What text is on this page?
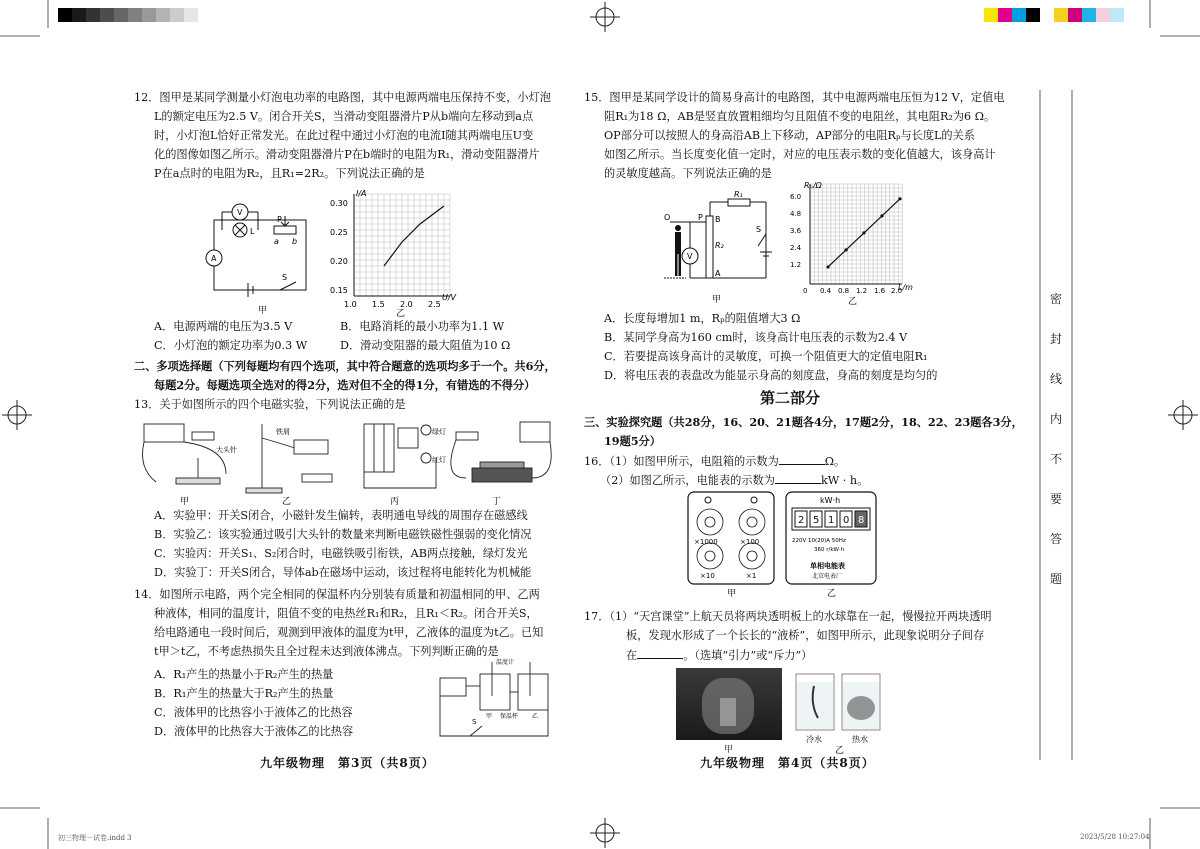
12．图甲是某同学测量小灯泡电功率的电路图，其中电源两端电压保持不变，小灯泡
L的额定电压为2.5 V。闭合开关S，当滑动变阻器滑片P从b端向左移动到a点
时，小灯泡L恰好正常发光。在此过程中通过小灯泡的电流I随其两端电压U变
化的图像如图乙所示。滑动变阻器滑片P在b端时的电阻为R₁，滑动变阻器滑片
P在a点时的电阻为R₂，且R₁=2R₂。下列说法正确的是
V
L
P
a b
A
S
甲
I/A
U/V
0.30
0.25
0.20
0.15
1.0 1.5 2.0 2.5
乙
A．电源两端的电压为3.5 V	B．电路消耗的最小功率为1.1 W
C．小灯泡的额定功率为0.3 W	D．滑动变阻器的最大阻值为10 Ω
二、多项选择题（下列每题均有四个选项，其中符合题意的选项均多于一个。共6分，
每题2分。每题选项全选对的得2分，选对但不全的得1分，有错选的不得分）
13．关于如图所示的四个电磁实验，下列说法正确的是
大头针
铁屑	绿灯
红灯
甲	乙	丙	丁
A．实验甲：开关S闭合，小磁针发生偏转，表明通电导线的周围存在磁感线
B．实验乙：该实验通过吸引大头针的数量来判断电磁铁磁性强弱的变化情况
C．实验丙：开关S₁、S₂闭合时，电磁铁吸引衔铁，AB两点接触，绿灯发光
D．实验丁：开关S闭合，导体ab在磁场中运动，该过程将电能转化为机械能
14．如图所示电路，两个完全相同的保温杯内分别装有质量和初温相同的甲、乙两
种液体，相同的温度计，阻值不变的电热丝R₁和R₂，且R₁＜R₂。闭合开关S，
给电路通电一段时间后，观测到甲液体的温度为t甲，乙液体的温度为t乙。已知
t甲＞t乙，不考虑热损失且全过程未达到液体沸点。下列判断正确的是
A．R₁产生的热量小于R₂产生的热量
B．R₁产生的热量大于R₂产生的热量
C．液体甲的比热容小于液体乙的比热容
D．液体甲的比热容大于液体乙的比热容
温度计
甲 保温杯 乙
S
九年级物理　第3页（共8页）
15．图甲是某同学设计的简易身高计的电路图，其中电源两端电压恒为12 V，定值电
阻R₁为18 Ω，AB是竖直放置粗细均匀且阻值不变的电阻丝，其电阻R₂为6 Ω。
OP部分可以按照人的身高沿AB上下移动，AP部分的电阻Rₚ与长度L的关系
如图乙所示。当长度变化值一定时，对应的电压表示数的变化值越大，该身高计
的灵敏度越高。下列说法正确的是
O	P B
A
V
R₁
R₂
S
甲
Rₚ/Ω
L/m
6.0
4.8
3.6
2.4
1.2
0 0.4 0.8 1.2 1.6 2.0
乙
A．长度每增加1 m，Rₚ的阻值增大3 Ω
B．某同学身高为160 cm时，该身高计电压表的示数为2.4 V
C．若要提高该身高计的灵敏度，可换一个阻值更大的定值电阻R₁
D．将电压表的表盘改为能显示身高的刻度盘，身高的刻度是均匀的
第二部分
三、实验探究题（共28分，16、20、21题各4分，17题2分，18、22、23题各3分，
19题5分）
16．（1）如图甲所示，电阻箱的示数为	Ω。
（2）如图乙所示，电能表的示数为	kW · h。
×1000	×100
×10	×1
甲
2 5 1 0 8
kW·h
220V 10(20)A 50Hz
360 r/kW·h
单相电能表
北京电表厂
乙
17．（1）“天宫课堂”上航天员将两块透明板上的水球靠在一起，慢慢拉开两块透明
板，发现水形成了一个长长的“液桥”，如图甲所示，此现象说明分子间存
在	。（选填“引力”或“斥力”）
甲
冷水	热水
乙
九年级物理　第4页（共8页）
密
封
线
内
不
要
答
题
初三物理－试卷.indd 3	2023/5/28 10:27:04
